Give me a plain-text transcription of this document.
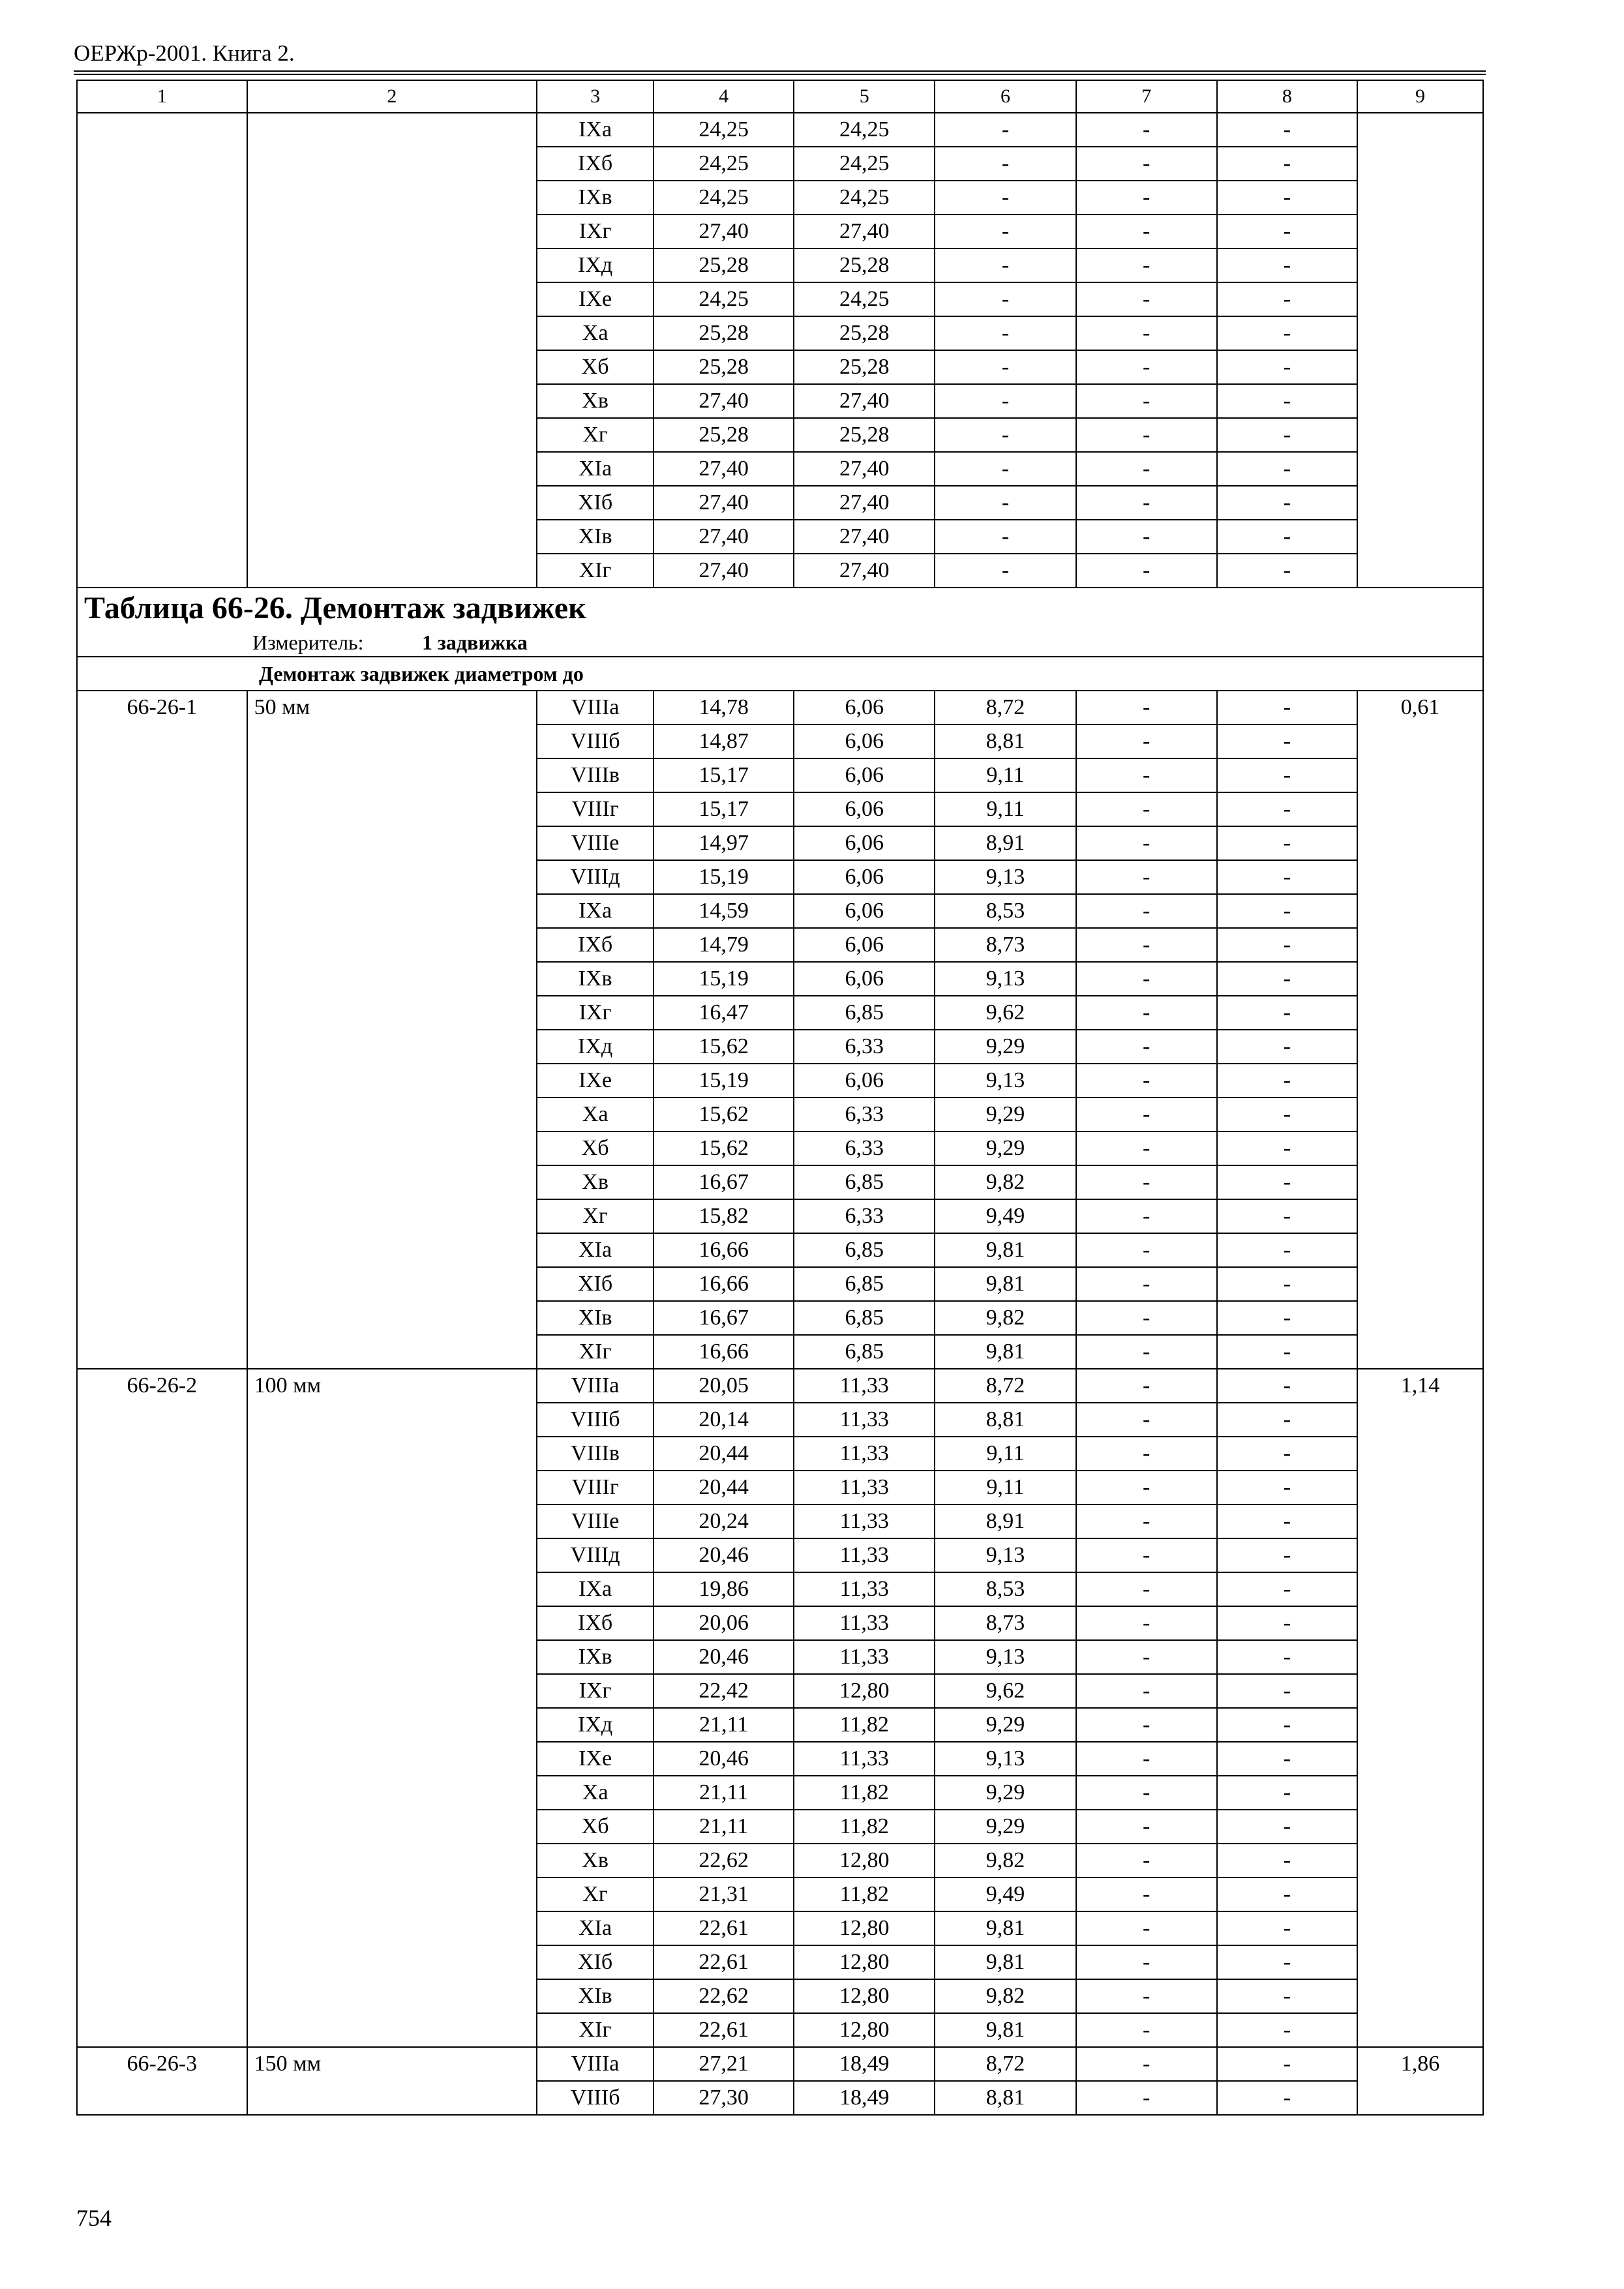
ОЕРЖр-2001. Книга 2.
1	2	3	4	5	6	7	8	9
		IXа	24,25	24,25	-	-	-	
		IXб	24,25	24,25	-	-	-	
		IXв	24,25	24,25	-	-	-	
		IXг	27,40	27,40	-	-	-	
		IXд	25,28	25,28	-	-	-	
		IXе	24,25	24,25	-	-	-	
		Xа	25,28	25,28	-	-	-	
		Xб	25,28	25,28	-	-	-	
		Xв	27,40	27,40	-	-	-	
		Xг	25,28	25,28	-	-	-	
		XIа	27,40	27,40	-	-	-	
		XIб	27,40	27,40	-	-	-	
		XIв	27,40	27,40	-	-	-	
		XIг	27,40	27,40	-	-	-	
Таблица 66-26. Демонтаж задвижек								
Измеритель: 1 задвижка								
Демонтаж задвижек диаметром до								
66-26-1	50 мм	VIIIа	14,78	6,06	8,72	-	-	0,61
		VIIIб	14,87	6,06	8,81	-	-	
		VIIIв	15,17	6,06	9,11	-	-	
		VIIIг	15,17	6,06	9,11	-	-	
		VIIIе	14,97	6,06	8,91	-	-	
		VIIIд	15,19	6,06	9,13	-	-	
		IXа	14,59	6,06	8,53	-	-	
		IXб	14,79	6,06	8,73	-	-	
		IXв	15,19	6,06	9,13	-	-	
		IXг	16,47	6,85	9,62	-	-	
		IXд	15,62	6,33	9,29	-	-	
		IXе	15,19	6,06	9,13	-	-	
		Xа	15,62	6,33	9,29	-	-	
		Xб	15,62	6,33	9,29	-	-	
		Xв	16,67	6,85	9,82	-	-	
		Xг	15,82	6,33	9,49	-	-	
		XIа	16,66	6,85	9,81	-	-	
		XIб	16,66	6,85	9,81	-	-	
		XIв	16,67	6,85	9,82	-	-	
		XIг	16,66	6,85	9,81	-	-	
66-26-2	100 мм	VIIIа	20,05	11,33	8,72	-	-	1,14
		VIIIб	20,14	11,33	8,81	-	-	
		VIIIв	20,44	11,33	9,11	-	-	
		VIIIг	20,44	11,33	9,11	-	-	
		VIIIе	20,24	11,33	8,91	-	-	
		VIIIд	20,46	11,33	9,13	-	-	
		IXа	19,86	11,33	8,53	-	-	
		IXб	20,06	11,33	8,73	-	-	
		IXв	20,46	11,33	9,13	-	-	
		IXг	22,42	12,80	9,62	-	-	
		IXд	21,11	11,82	9,29	-	-	
		IXе	20,46	11,33	9,13	-	-	
		Xа	21,11	11,82	9,29	-	-	
		Xб	21,11	11,82	9,29	-	-	
		Xв	22,62	12,80	9,82	-	-	
		Xг	21,31	11,82	9,49	-	-	
		XIа	22,61	12,80	9,81	-	-	
		XIб	22,61	12,80	9,81	-	-	
		XIв	22,62	12,80	9,82	-	-	
		XIг	22,61	12,80	9,81	-	-	
66-26-3	150 мм	VIIIа	27,21	18,49	8,72	-	-	1,86
		VIIIб	27,30	18,49	8,81	-	-	
754
